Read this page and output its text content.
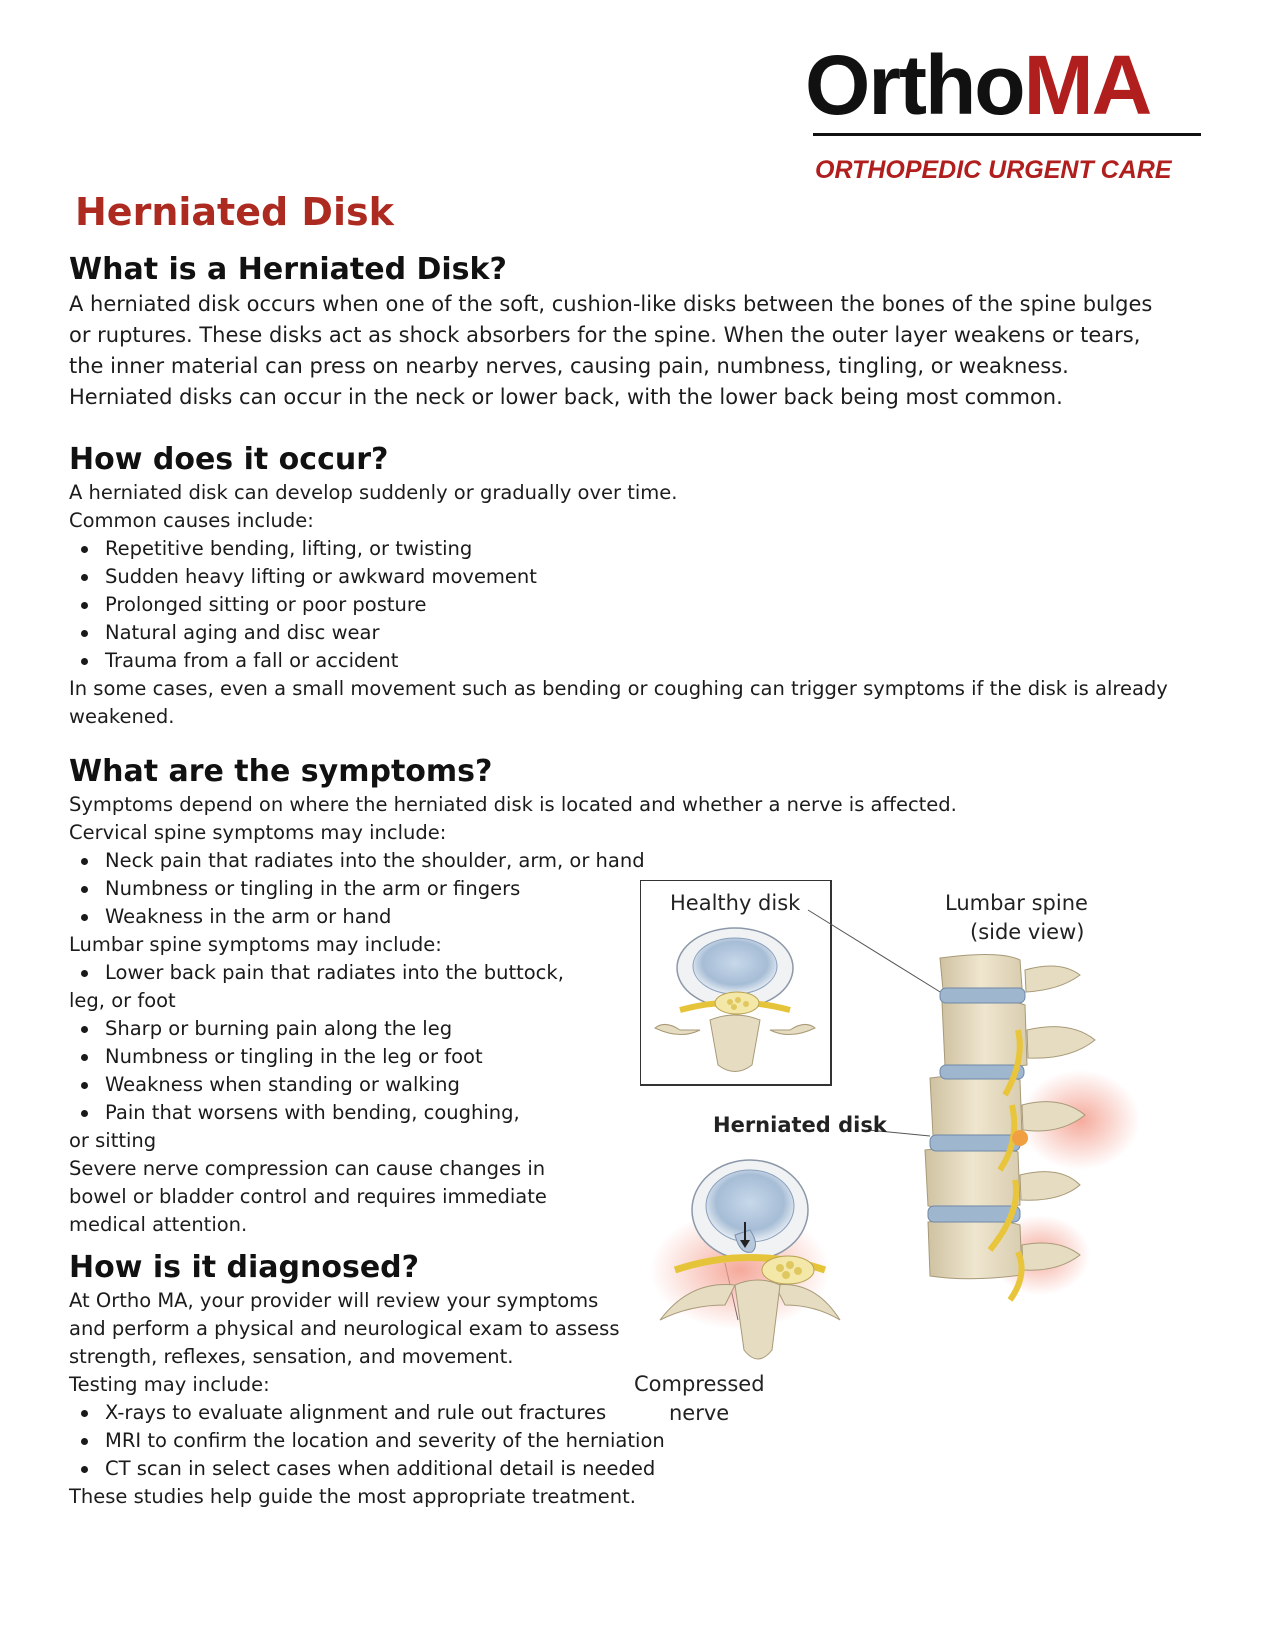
OrthoMA
ORTHOPEDIC URGENT CARE
Herniated Disk
What is a Herniated Disk?
A herniated disk occurs when one of the soft, cushion-like disks between the bones of the spine bulges
or ruptures. These disks act as shock absorbers for the spine. When the outer layer weakens or tears,
the inner material can press on nearby nerves, causing pain, numbness, tingling, or weakness.
Herniated disks can occur in the neck or lower back, with the lower back being most common.
How does it occur?
A herniated disk can develop suddenly or gradually over time.
Common causes include:
Repetitive bending, lifting, or twisting
Sudden heavy lifting or awkward movement
Prolonged sitting or poor posture
Natural aging and disc wear
Trauma from a fall or accident
In some cases, even a small movement such as bending or coughing can trigger symptoms if the disk is already
weakened.
What are the symptoms?
Symptoms depend on where the herniated disk is located and whether a nerve is affected.
Cervical spine symptoms may include:
Neck pain that radiates into the shoulder, arm, or hand
Numbness or tingling in the arm or fingers
Weakness in the arm or hand
Lumbar spine symptoms may include:
Lower back pain that radiates into the buttock,
leg, or foot
Sharp or burning pain along the leg
Numbness or tingling in the leg or foot
Weakness when standing or walking
Pain that worsens with bending, coughing,
or sitting
Severe nerve compression can cause changes in
bowel or bladder control and requires immediate
medical attention.
How is it diagnosed?
At Ortho MA, your provider will review your symptoms
and perform a physical and neurological exam to assess
strength, reflexes, sensation, and movement.
Testing may include:
X-rays to evaluate alignment and rule out fractures
MRI to confirm the location and severity of the herniation
CT scan in select cases when additional detail is needed
These studies help guide the most appropriate treatment.
Healthy disk	Lumbar spine
(side view)
Herniated disk
Compressed
nerve
